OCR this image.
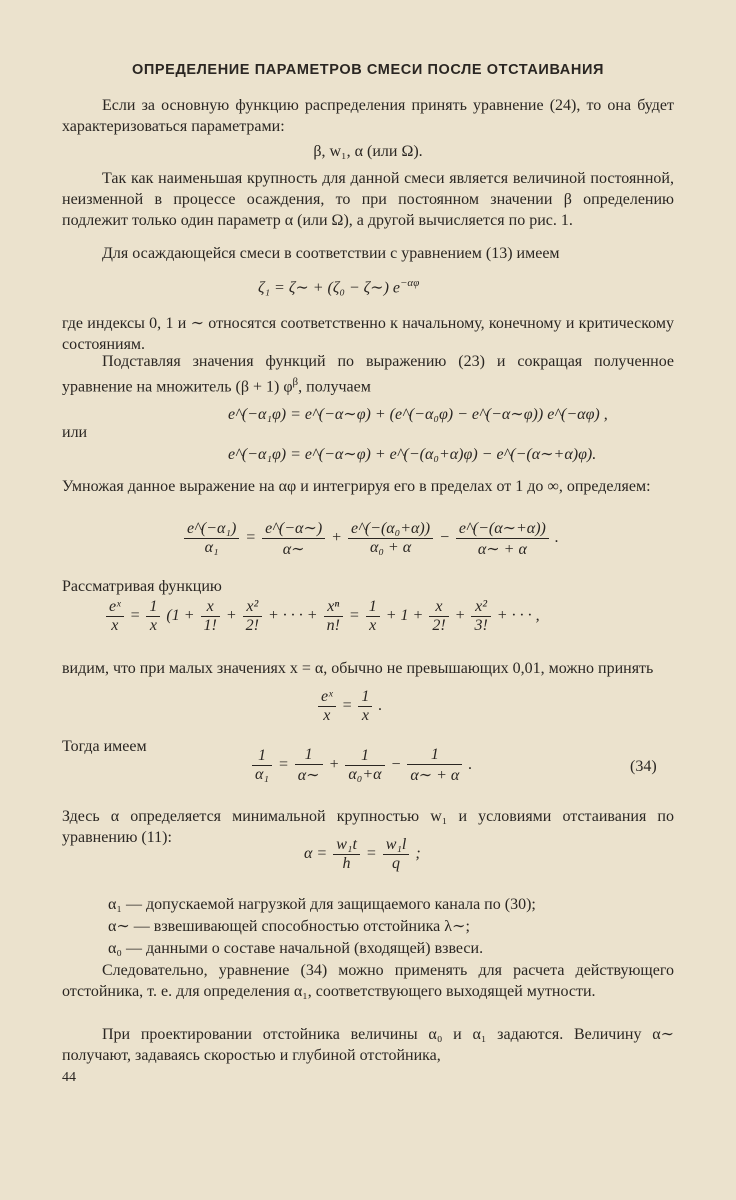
ОПРЕДЕЛЕНИЕ ПАРАМЕТРОВ СМЕСИ ПОСЛЕ ОТСТАИВАНИЯ
Если за основную функцию распределения принять уравнение (24), то она будет характеризоваться параметрами:
β, w₁, α (или Ω).

Так как наименьшая крупность для данной смеси является величиной постоянной, неизменной в процессе осаждения, то при постоянном значении β определению подлежит только один параметр α (или Ω), а другой вычисляется по рис. 1.

Для осаждающейся смеси в соответствии с уравнением (13) имеем
ζ₁ = ζ∼ + (ζ₀ − ζ∼) $e^{-\alpha\varphi}$
где индексы 0, 1 и ∼ относятся соответственно к начальному, конечному и критическому состояниям.

Подставляя значения функций по выражению (23) и сокращая полученное уравнение на множитель (β + 1) $\varphi^\beta$, получаем

e^(−α₁φ) = e^(−α∼φ) + (e^(−α₀φ) − e^(−α∼φ)) e^(−αφ) ,
или
e^(−α₁φ) = e^(−α∼φ) + e^(−(α₀+α)φ) − e^(−(α∼+α)φ).
Умножая данное выражение на αφ и интегрируя его в пределах от 1 до ∞, определяем:
$\frac{\text{e\textasciicircum{}(−α₁)}}{\text{α₁}} = \frac{e\^{}(-\alpha\sim)}{\alpha\sim} + \frac{\text{e\textasciicircum{}(−(α₀+α))}}{\text{α₀ + α}} - \frac{e\^{}(-(\alpha\sim+\alpha))}{\alpha\sim + \alpha}$ .
Рассматривая функцию
$\frac{\text{eˣ}}{x} = \frac{1}{x} (1 + \frac{x}{1!} + \frac{\text{x²}}{2!}$ + · · · + $\frac{\text{xⁿ}}{n!} = \frac{1}{x} + 1 + \frac{x}{2!} + \frac{\text{x²}}{3!}$ + · · · ,
видим, что при малых значениях x = α, обычно не превышающих 0,01, можно принять
$\frac{\text{eˣ}}{x} = \frac{1}{x}$ .
Тогда имеем
$\frac{1}{\text{α₁}} = \frac{1}{\alpha\sim} + \frac{1}{\text{α₀+α}} - \frac{1}{\alpha\sim + \alpha}$ .	(34)
Здесь α определяется минимальной крупностью w₁ и условиями отстаивания по уравнению (11):
$\alpha = \frac{\text{w₁t}}{h} = \frac{\text{w₁l}}{q}$ ;
α₁ — допускаемой нагрузкой для защищаемого канала по (30);
α∼ — взвешивающей способностью отстойника λ∼;
α₀ — данными о составе начальной (входящей) взвеси.
Следовательно, уравнение (34) можно применять для расчета действующего отстойника, т. е. для определения α₁, соответствующего выходящей мутности.
При проектировании отстойника величины α₀ и α₁ задаются. Величину α∼ получают, задаваясь скоростью и глубиной отстойника,
44
